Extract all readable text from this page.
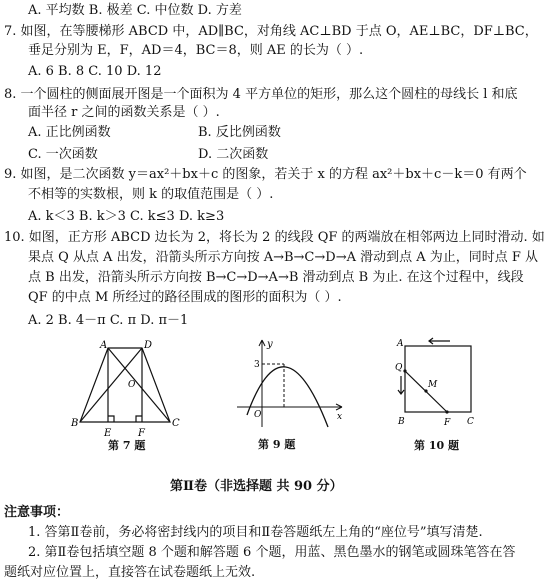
A. 平均数 B. 极差 C. 中位数 D. 方差
7. 如图，在等腰梯形 ABCD 中，AD∥BC，对角线 AC⊥BD 于点 O，AE⊥BC，DF⊥BC，
垂足分别为 E，F，AD＝4，BC＝8，则 AE 的长为（ ）.
A. 6 B. 8 C. 10 D. 12
8. 一个圆柱的侧面展开图是一个面积为 4 平方单位的矩形，那么这个圆柱的母线长 l 和底
面半径 r 之间的函数关系是（ ）.
A. 正比例函数	B. 反比例函数
C. 一次函数	D. 二次函数
9. 如图，是二次函数 y＝ax²＋bx＋c 的图象，若关于 x 的方程 ax²＋bx＋c－k＝0 有两个
不相等的实数根，则 k 的取值范围是（ ）.
A. k＜3 B. k＞3 C. k≤3 D. k≥3
10. 如图，正方形 ABCD 边长为 2，将长为 2 的线段 QF 的两端放在相邻两边上同时滑动. 如
果点 Q 从点 A 出发，沿箭头所示方向按 A→B→C→D→A 滑动到点 A 为止，同时点 F 从
点 B 出发，沿箭头所示方向按 B→C→D→A→B 滑动到点 B 为止. 在这个过程中，线段
QF 的中点 M 所经过的路径围成的图形的面积为（ ）.
A. 2 B. 4－π C. π D. π－1
A	D
O
B
E	F
C
第 7 题
y
3
O	x
第 9 题
A
Q
M
B	F C
第 10 题
第Ⅱ卷（非选择题 共 90 分）
注意事项：
1. 答第Ⅱ卷前，务必将密封线内的项目和Ⅱ卷答题纸左上角的“座位号”填写清楚.
2. 第Ⅱ卷包括填空题 8 个题和解答题 6 个题，用蓝、黑色墨水的钢笔或圆珠笔答在答
题纸对应位置上，直接答在试卷题纸上无效.
